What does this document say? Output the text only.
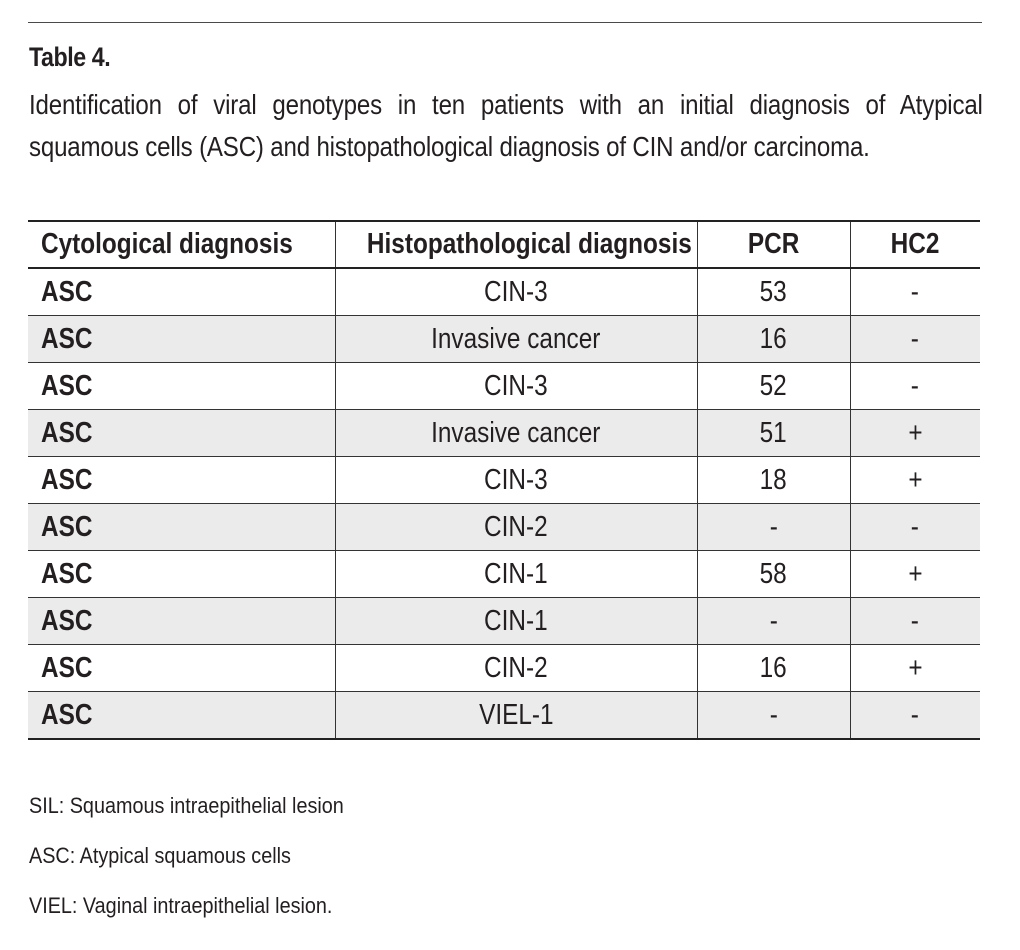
Table 4.
Identification of viral genotypes in ten patients with an initial diagnosis of Atypical squamous cells (ASC) and histopathological diagnosis of CIN and/or carcinoma.
Cytological diagnosis	Histopathological diagnosis	PCR	HC2
ASC	CIN-3	53	-
ASC	Invasive cancer	16	-
ASC	CIN-3	52	-
ASC	Invasive cancer	51	+
ASC	CIN-3	18	+
ASC	CIN-2	-	-
ASC	CIN-1	58	+
ASC	CIN-1	-	-
ASC	CIN-2	16	+
ASC	VIEL-1	-	-
SIL: Squamous intraepithelial lesion
ASC: Atypical squamous cells
VIEL: Vaginal intraepithelial lesion.
